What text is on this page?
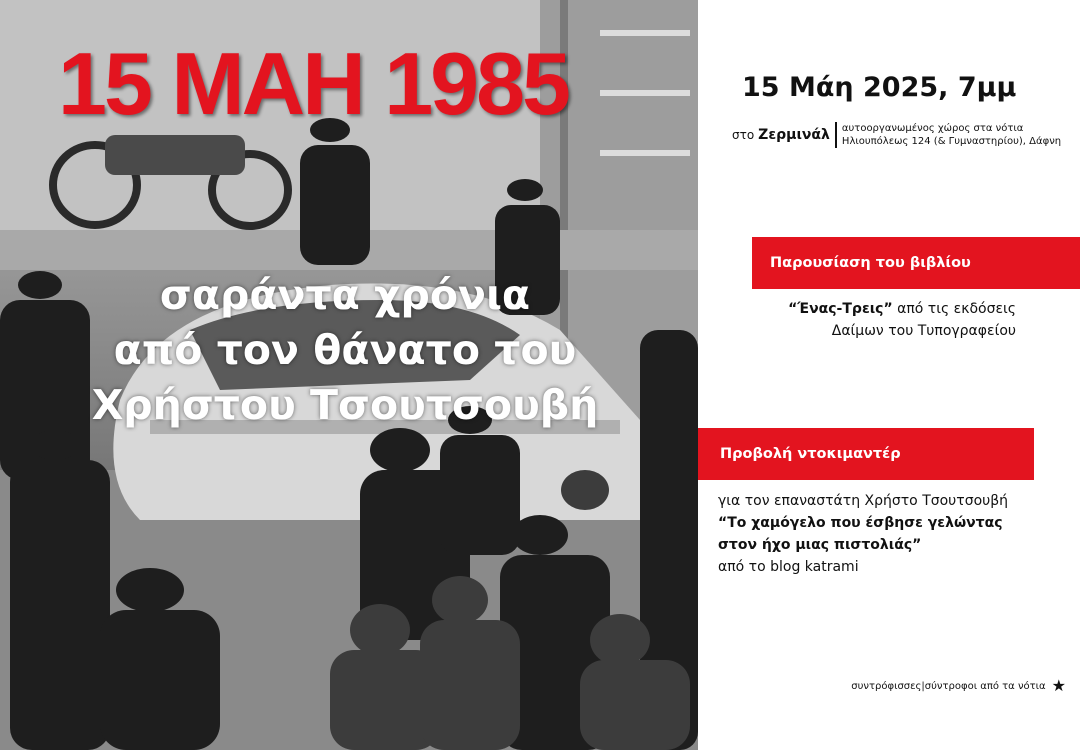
15 ΜΑΗ 1985
σαράντα χρόνια
από τον θάνατο του
Χρήστου Τσουτσουβή
15 Μάη 2025, 7μμ
στο Ζερμινάλ αυτοοργανωμένος χώρος στα νότια
Ηλιουπόλεως 124 (& Γυμναστηρίου), Δάφνη
Παρουσίαση του βιβλίου
“Ένας-Τρεις” από τις εκδόσεις
Δαίμων του Τυπογραφείου
Προβολή ντοκιμαντέρ
για τον επαναστάτη Χρήστο Τσουτσουβή
“Το χαμόγελο που έσβησε γελώντας
στον ήχο μιας πιστολιάς”
από το blog katrami
συντρόφισσες|σύντροφοι από τα νότια ★
